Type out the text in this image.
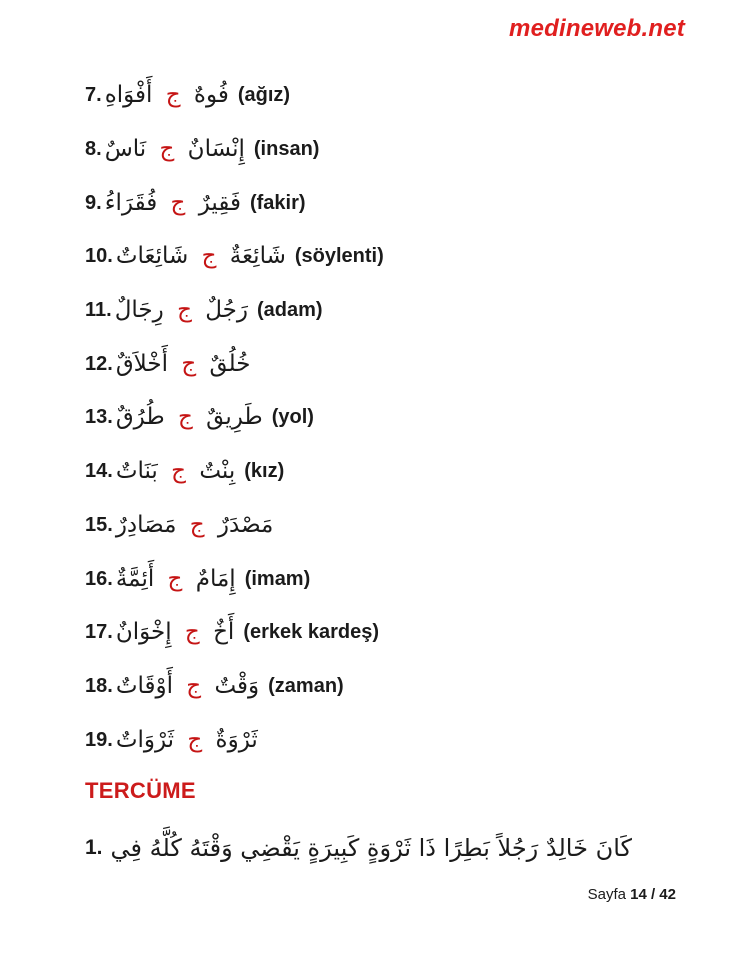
medineweb.net
7.	فُوهٌ ج أَفْوَاهِ	(ağız)
8.	إِنْسَانٌ ج نَاسٌ	(insan)
9.	فَقِيرٌ ج فُقَرَاءُ	(fakir)
10.	شَائِعَةٌ ج شَائِعَاتٌ	(söylenti)
11.	رَجُلٌ ج رِجَالٌ	(adam)
12.	خُلُقٌ ج أَخْلاَقٌ
13.	طَرِيقٌ ج طُرُقٌ	(yol)
14.	بِنْتٌ ج بَنَاتٌ	(kız)
15.	مَصْدَرٌ ج مَصَادِرٌ
16.	إِمَامٌ ج أَئِمَّةٌ	(imam)
17.	أَخٌ ج إِخْوَانٌ	(erkek kardeş)
18.	وَقْتٌ ج أَوْقَاتٌ	(zaman)
19.	ثَرْوَةٌ ج ثَرْوَاتٌ
TERCÜME
1. كَانَ خَالِدٌ رَجُلاً بَطِرًا ذَا ثَرْوَةٍ كَبِيرَةٍ يَقْضِي وَقْتَهُ كُلَّهُ فِي
Sayfa 14 / 42
